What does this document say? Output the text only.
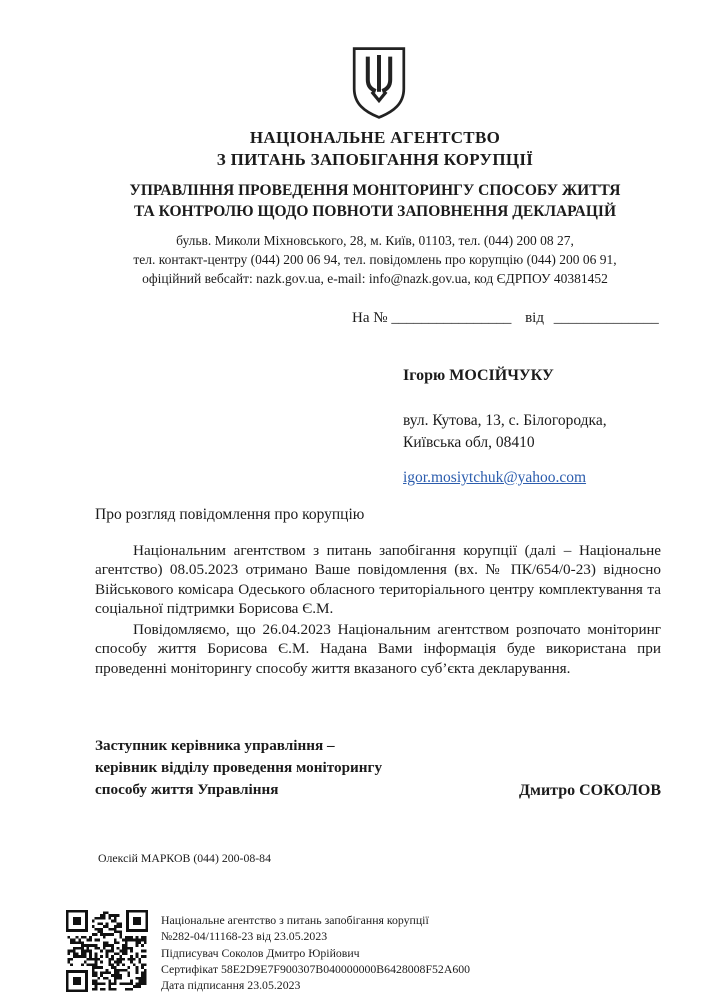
НАЦІОНАЛЬНЕ АГЕНТСТВО
З ПИТАНЬ ЗАПОБІГАННЯ КОРУПЦІЇ
УПРАВЛІННЯ ПРОВЕДЕННЯ МОНІТОРИНГУ СПОСОБУ ЖИТТЯ
ТА КОНТРОЛЮ ЩОДО ПОВНОТИ ЗАПОВНЕННЯ ДЕКЛАРАЦІЙ
бульв. Миколи Міхновського, 28, м. Київ, 01103, тел. (044) 200 08 27,
тел. контакт-центру (044) 200 06 94, тел. повідомлень про корупцію (044) 200 06 91,
офіційний вебсайт: nazk.gov.ua, e-mail: info@nazk.gov.ua, код ЄДРПОУ 40381452
На № ________________ від ______________
Ігорю МОСІЙЧУКУ
вул. Кутова, 13, с. Білогородка,
Київська обл, 08410
igor.mosiytchuk@yahoo.com
Про розгляд повідомлення про корупцію

Національним агентством з питань запобігання корупції (далі – Національне агентство) 08.05.2023 отримано Ваше повідомлення (вх. № ПК/654/0-23) відносно Військового комісара Одеського обласного територіального центру комплектування та соціальної підтримки Борисова Є.М.

Повідомляємо, що 26.04.2023 Національним агентством розпочато моніторинг способу життя Борисова Є.М. Надана Вами інформація буде використана при проведенні моніторингу способу життя вказаного суб’єкта декларування.

Заступник керівника управління –
керівник відділу проведення моніторингу
способу життя Управління	Дмитро СОКОЛОВ
Олексій МАРКОВ (044) 200-08-84
Національне агентство з питань запобігання корупції
№282-04/11168-23 від 23.05.2023
Підписувач Соколов Дмитро Юрійович
Сертифікат 58E2D9E7F900307B040000000B6428008F52A600
Дата підписання 23.05.2023
